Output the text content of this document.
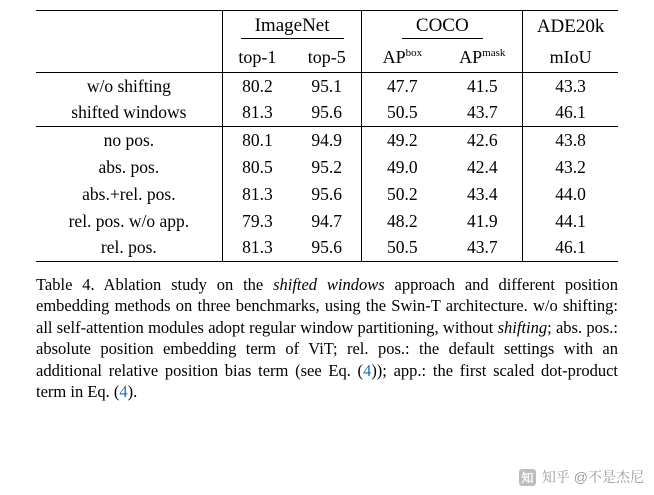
	ImageNet		COCO		ADE20k
	top-1	top-5	$AP^{box}$	$AP^{mask}$	mIoU
w/o shifting	80.2	95.1	47.7	41.5	43.3
shifted windows	81.3	95.6	50.5	43.7	46.1
no pos.	80.1	94.9	49.2	42.6	43.8
abs. pos.	80.5	95.2	49.0	42.4	43.2
abs.+rel. pos.	81.3	95.6	50.2	43.4	44.0
rel. pos. w/o app.	79.3	94.7	48.2	41.9	44.1
rel. pos.	81.3	95.6	50.5	43.7	46.1

Table 4. Ablation study on the shifted windows approach and different position embedding methods on three benchmarks, using the Swin-T architecture. w/o shifting: all self-attention modules adopt regular window partitioning, without shifting; abs. pos.: absolute position embedding term of ViT; rel. pos.: the default settings with an additional relative position bias term (see Eq. (4)); app.: the first scaled dot-product term in Eq. (4).
知 知乎 @不是杰尼
